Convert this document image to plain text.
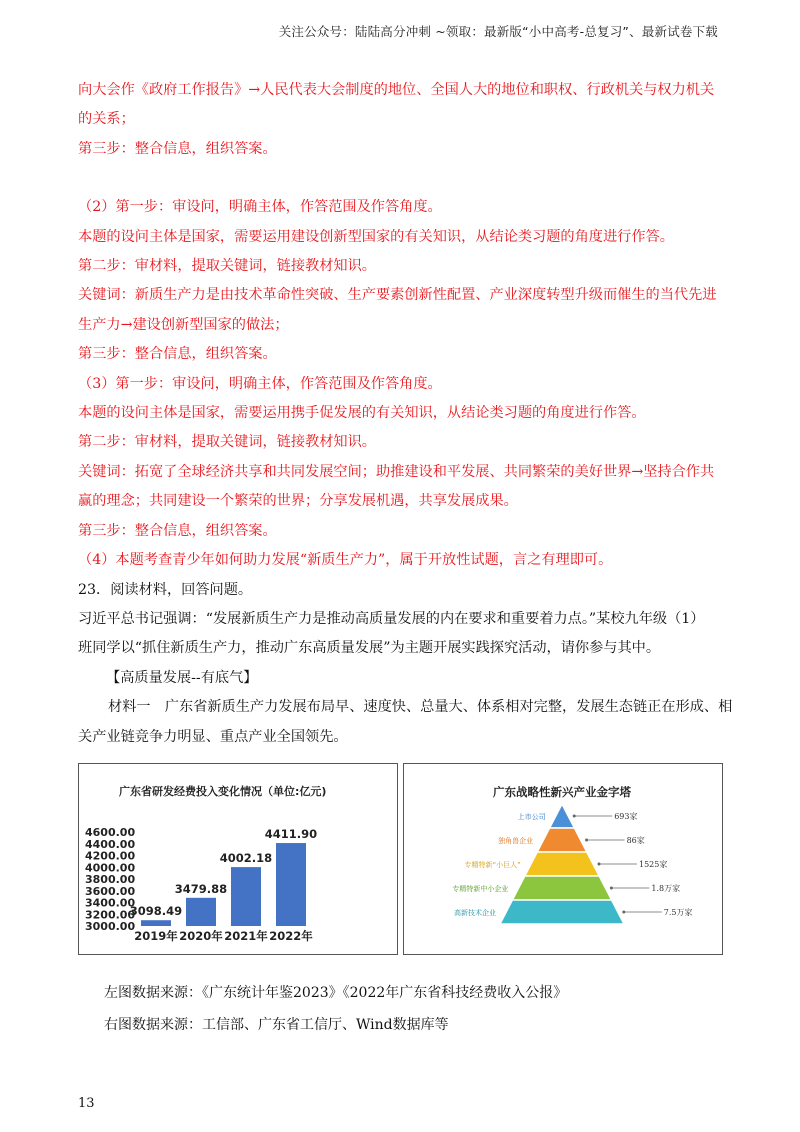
关注公众号：陆陆高分冲刺 ~领取：最新版“小中高考-总复习”、最新试卷下载
向大会作《政府工作报告》→人民代表大会制度的地位、全国人大的地位和职权、行政机关与权力机关
的关系；
第三步：整合信息，组织答案。
（2）第一步：审设问，明确主体，作答范围及作答角度。
本题的设问主体是国家，需要运用建设创新型国家的有关知识，从结论类习题的角度进行作答。
第二步：审材料，提取关键词，链接教材知识。
关键词：新质生产力是由技术革命性突破、生产要素创新性配置、产业深度转型升级而催生的当代先进
生产力→建设创新型国家的做法；
第三步：整合信息，组织答案。
（3）第一步：审设问，明确主体，作答范围及作答角度。
本题的设问主体是国家，需要运用携手促发展的有关知识，从结论类习题的角度进行作答。
第二步：审材料，提取关键词，链接教材知识。
关键词：拓宽了全球经济共享和共同发展空间；助推建设和平发展、共同繁荣的美好世界→坚持合作共
赢的理念；共同建设一个繁荣的世界；分享发展机遇，共享发展成果。
第三步：整合信息，组织答案。
（4）本题考查青少年如何助力发展“新质生产力”，属于开放性试题，言之有理即可。
23．阅读材料，回答问题。
习近平总书记强调：“发展新质生产力是推动高质量发展的内在要求和重要着力点。”某校九年级（1）
班同学以“抓住新质生产力，推动广东高质量发展”为主题开展实践探究活动，请你参与其中。
【高质量发展--有底气】
材料一　广东省新质生产力发展布局早、速度快、总量大、体系相对完整，发展生态链正在形成、相
关产业链竞争力明显、重点产业全国领先。
广东省研发经费投入变化情况（单位:亿元)
4600.00
4400.00
4200.00
4000.00
3800.00
3600.00
3400.00
3200.00
3000.00
3098.49
2019年
3479.88
2020年
4002.18
2021年
4411.90
2022年
广东战略性新兴产业金字塔
上市公司	693家
独角兽企业	86家
专精特新“小巨人”	1525家
专精特新中小企业	1.8万家
高新技术企业	7.5万家
左图数据来源：《广东统计年鉴2023》《2022年广东省科技经费收入公报》
右图数据来源：工信部、广东省工信厅、Wind数据库等
13
